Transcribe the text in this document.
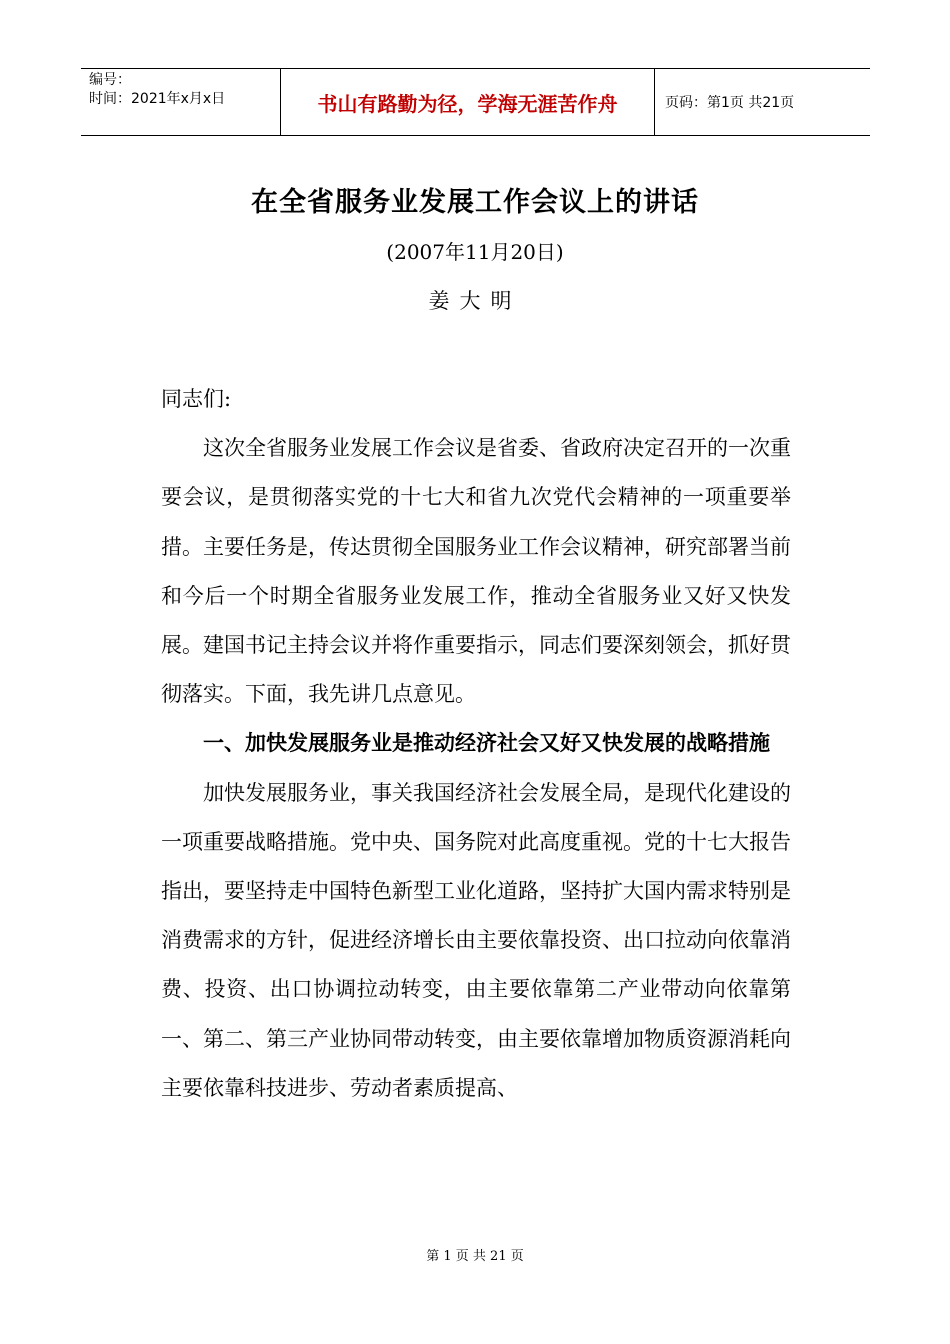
编号：
时间：2021年x月x日	书山有路勤为径，学海无涯苦作舟	页码：第1页 共21页
在全省服务业发展工作会议上的讲话
(2007年11月20日)
姜大明

同志们:

这次全省服务业发展工作会议是省委、省政府决定召开的一次重要会议，是贯彻落实党的十七大和省九次党代会精神的一项重要举措。主要任务是，传达贯彻全国服务业工作会议精神，研究部署当前和今后一个时期全省服务业发展工作，推动全省服务业又好又快发展。建国书记主持会议并将作重要指示，同志们要深刻领会，抓好贯彻落实。下面，我先讲几点意见。

一、加快发展服务业是推动经济社会又好又快发展的战略措施

加快发展服务业，事关我国经济社会发展全局，是现代化建设的一项重要战略措施。党中央、国务院对此高度重视。党的十七大报告指出，要坚持走中国特色新型工业化道路，坚持扩大国内需求特别是消费需求的方针，促进经济增长由主要依靠投资、出口拉动向依靠消费、投资、出口协调拉动转变，由主要依靠第二产业带动向依靠第一、第二、第三产业协同带动转变，由主要依靠增加物质资源消耗向主要依靠科技进步、劳动者素质提高、

第 1 页 共 21 页
